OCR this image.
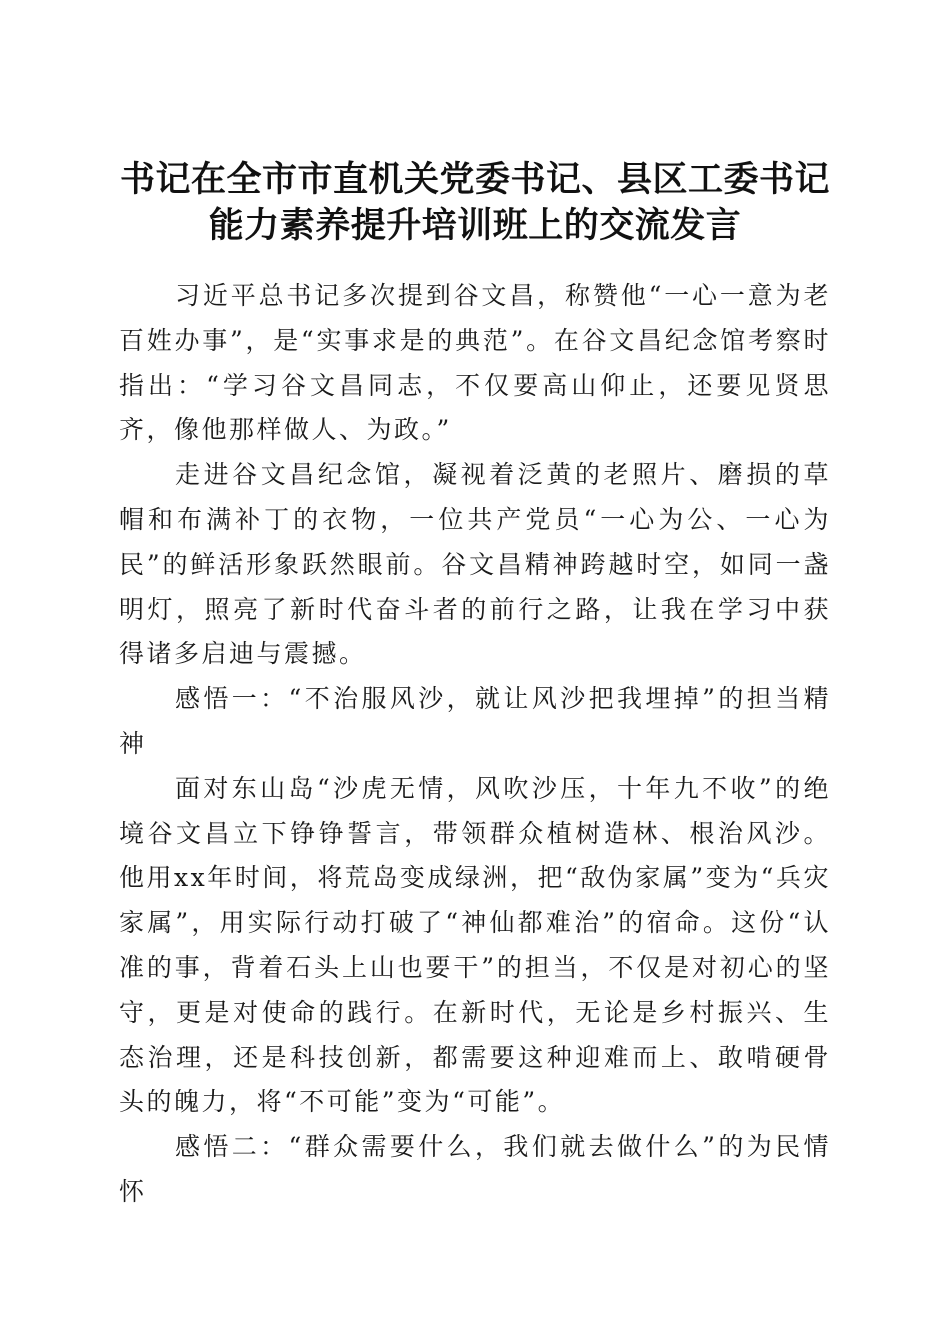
书记在全市市直机关党委书记、县区工委书记
能力素养提升培训班上的交流发言

习近平总书记多次提到谷文昌，称赞他“一心一意为老百姓办事”，是“实事求是的典范”。在谷文昌纪念馆考察时指出：“学习谷文昌同志，不仅要高山仰止，还要见贤思齐，像他那样做人、为政。”

走进谷文昌纪念馆，凝视着泛黄的老照片、磨损的草帽和布满补丁的衣物，一位共产党员“一心为公、一心为民”的鲜活形象跃然眼前。谷文昌精神跨越时空，如同一盏明灯，照亮了新时代奋斗者的前行之路，让我在学习中获得诸多启迪与震撼。

感悟一：“不治服风沙，就让风沙把我埋掉”的担当精神

面对东山岛“沙虎无情，风吹沙压，十年九不收”的绝境谷文昌立下铮铮誓言，带领群众植树造林、根治风沙。他用xx年时间，将荒岛变成绿洲，把“敌伪家属”变为“兵灾家属”，用实际行动打破了“神仙都难治”的宿命。这份“认准的事，背着石头上山也要干”的担当，不仅是对初心的坚守，更是对使命的践行。在新时代，无论是乡村振兴、生态治理，还是科技创新，都需要这种迎难而上、敢啃硬骨头的魄力，将“不可能”变为“可能”。

感悟二：“群众需要什么，我们就去做什么”的为民情怀
